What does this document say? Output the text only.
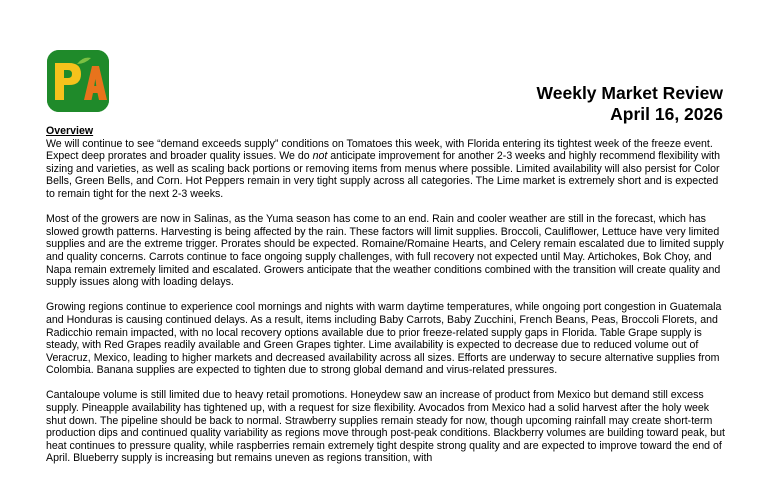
Weekly Market Review
April 16, 2026

Overview

We will continue to see “demand exceeds supply” conditions on Tomatoes this week, with Florida entering its tightest week of the freeze event. Expect deep prorates and broader quality issues. We do not anticipate improvement for another 2-3 weeks and highly recommend flexibility with sizing and varieties, as well as scaling back portions or removing items from menus where possible. Limited availability will also persist for Color Bells, Green Bells, and Corn. Hot Peppers remain in very tight supply across all categories. The Lime market is extremely short and is expected to remain tight for the next 2-3 weeks.

Most of the growers are now in Salinas, as the Yuma season has come to an end. Rain and cooler weather are still in the forecast, which has slowed growth patterns. Harvesting is being affected by the rain. These factors will limit supplies. Broccoli, Cauliflower, Lettuce have very limited supplies and are the extreme trigger. Prorates should be expected. Romaine/Romaine Hearts, and Celery remain escalated due to limited supply and quality concerns. Carrots continue to face ongoing supply challenges, with full recovery not expected until May. Artichokes, Bok Choy, and Napa remain extremely limited and escalated. Growers anticipate that the weather conditions combined with the transition will create quality and supply issues along with loading delays.

Growing regions continue to experience cool mornings and nights with warm daytime temperatures, while ongoing port congestion in Guatemala and Honduras is causing continued delays. As a result, items including Baby Carrots, Baby Zucchini, French Beans, Peas, Broccoli Florets, and Radicchio remain impacted, with no local recovery options available due to prior freeze-related supply gaps in Florida. Table Grape supply is steady, with Red Grapes readily available and Green Grapes tighter. Lime availability is expected to decrease due to reduced volume out of Veracruz, Mexico, leading to higher markets and decreased availability across all sizes. Efforts are underway to secure alternative supplies from Colombia. Banana supplies are expected to tighten due to strong global demand and virus-related pressures.

Cantaloupe volume is still limited due to heavy retail promotions. Honeydew saw an increase of product from Mexico but demand still excess supply. Pineapple availability has tightened up, with a request for size flexibility. Avocados from Mexico had a solid harvest after the holy week shut down. The pipeline should be back to normal. Strawberry supplies remain steady for now, though upcoming rainfall may create short-term production dips and continued quality variability as regions move through post-peak conditions. Blackberry volumes are building toward peak, but heat continues to pressure quality, while raspberries remain extremely tight despite strong quality and are expected to improve toward the end of April. Blueberry supply is increasing but remains uneven as regions transition, with
